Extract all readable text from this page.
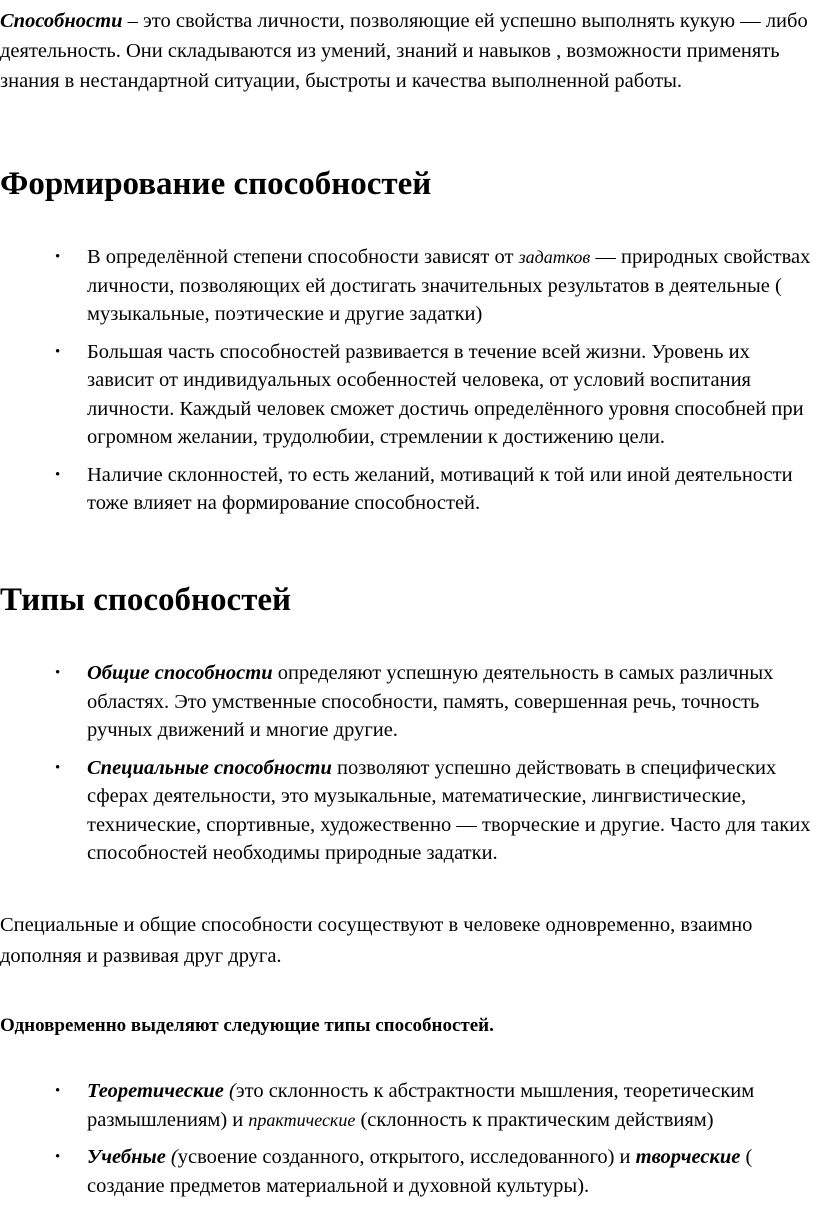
Способности – это свойства личности, позволяющие ей успешно выполнять кукую — либо деятельность. Они складываются из умений, знаний и навыков , возможности применять знания в нестандартной ситуации, быстроты и качества выполненной работы.

Формирование способностей
• В определённой степени способности зависят от задатков — природных свойствах личности, позволяющих ей достигать значительных результатов в деятельные ( музыкальные, поэтические и другие задатки)
• Большая часть способностей развивается в течение всей жизни. Уровень их зависит от индивидуальных особенностей человека, от условий воспитания личности. Каждый человек сможет достичь определённого уровня способней при огромном желании, трудолюбии, стремлении к достижению цели.
• Наличие склонностей, то есть желаний, мотиваций к той или иной деятельности тоже влияет на формирование способностей.
Типы способностей
• Общие способности определяют успешную деятельность в самых различных областях. Это умственные способности, память, совершенная речь, точность ручных движений и многие другие.
• Специальные способности позволяют успешно действовать в специфических сферах деятельности, это музыкальные, математические, лингвистические, технические, спортивные, художественно — творческие и другие. Часто для таких способностей необходимы природные задатки.

Специальные и общие способности сосуществуют в человеке одновременно, взаимно дополняя и развивая друг друга.

Одновременно выделяют следующие типы способностей.

• Теоретические (это склонность к абстрактности мышления, теоретическим размышлениям) и практические (склонность к практическим действиям)
• Учебные (усвоение созданного, открытого, исследованного) и творческие ( создание предметов материальной и духовной культуры).
